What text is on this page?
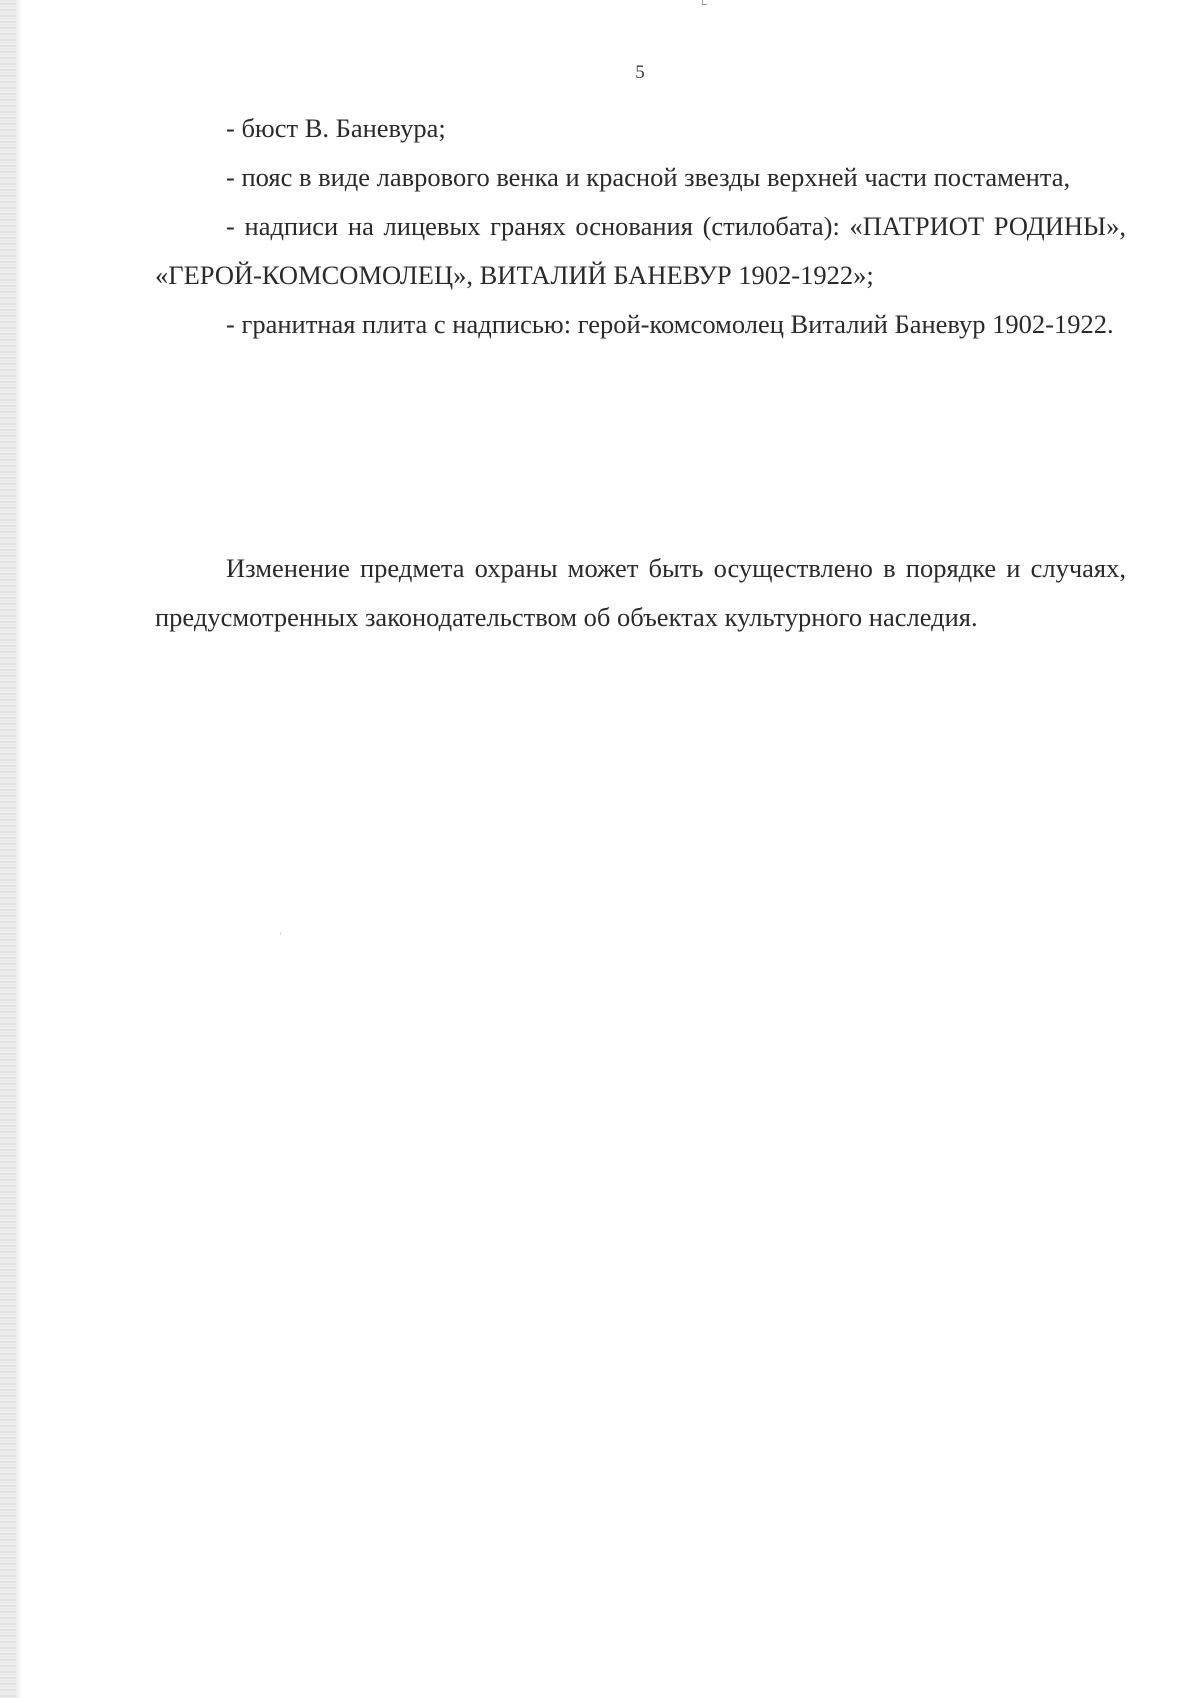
5

- бюст В. Баневура;

- пояс в виде лаврового венка и красной звезды верхней части постамента,

- надписи на лицевых гранях основания (стилобата): «ПАТРИОТ РОДИНЫ», «ГЕРОЙ-КОМСОМОЛЕЦ», ВИТАЛИЙ БАНЕВУР 1902-1922»;

- гранитная плита с надписью: герой-комсомолец Виталий Баневур 1902-1922.

Изменение предмета охраны может быть осуществлено в порядке и случаях, предусмотренных законодательством об объектах культурного наследия.
